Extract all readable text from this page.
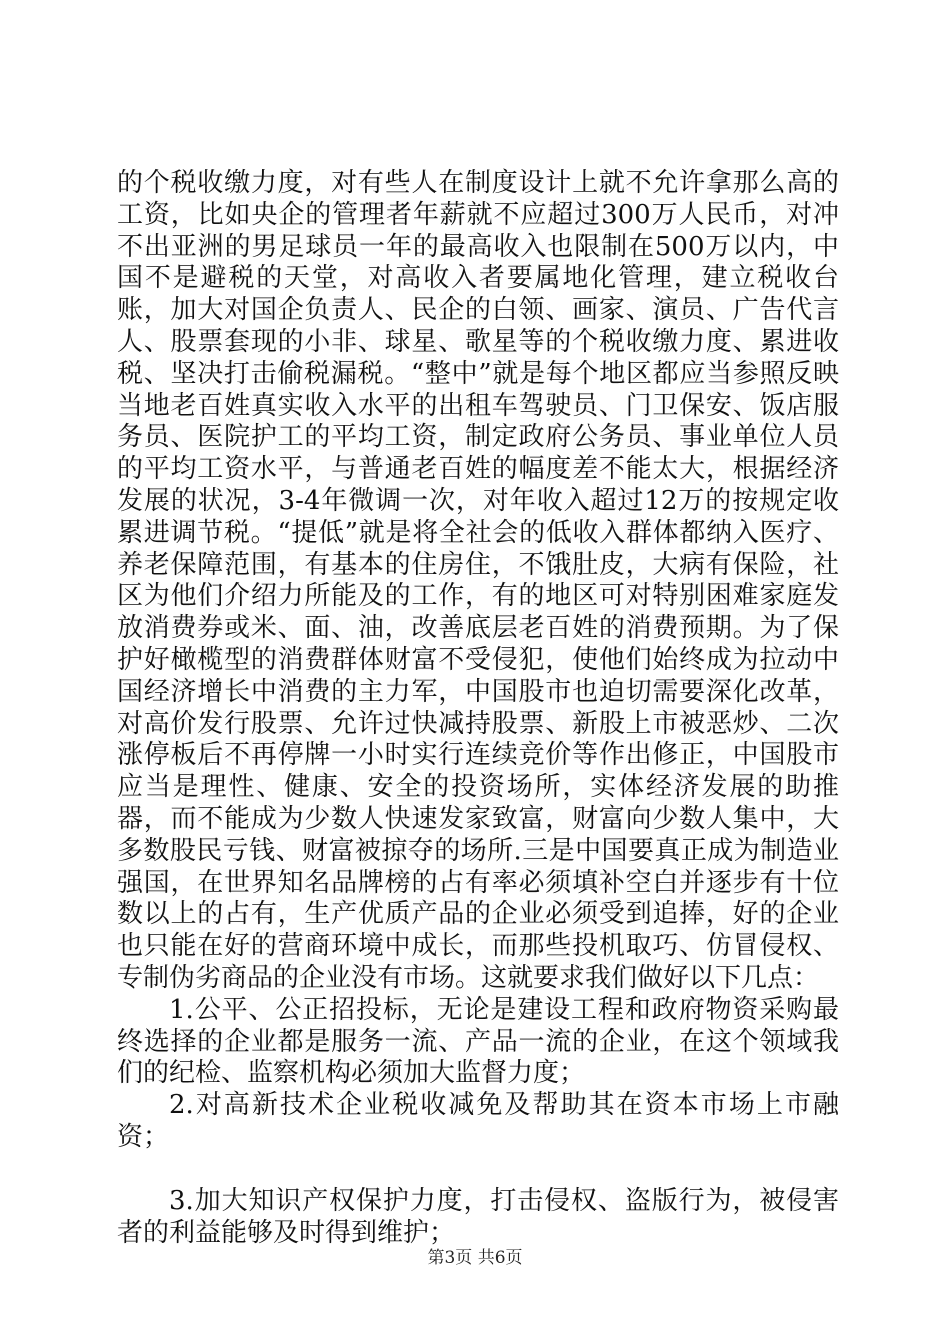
的个税收缴力度，对有些人在制度设计上就不允许拿那么高的工资，比如央企的管理者年薪就不应超过300万人民币，对冲不出亚洲的男足球员一年的最高收入也限制在500万以内，中国不是避税的天堂，对高收入者要属地化管理，建立税收台账，加大对国企负责人、民企的白领、画家、演员、广告代言人、股票套现的小非、球星、歌星等的个税收缴力度、累进收税、坚决打击偷税漏税。“整中”就是每个地区都应当参照反映当地老百姓真实收入水平的出租车驾驶员、门卫保安、饭店服务员、医院护工的平均工资，制定政府公务员、事业单位人员的平均工资水平，与普通老百姓的幅度差不能太大，根据经济发展的状况，3-4年微调一次，对年收入超过12万的按规定收累进调节税。“提低”就是将全社会的低收入群体都纳入医疗、养老保障范围，有基本的住房住，不饿肚皮，大病有保险，社区为他们介绍力所能及的工作，有的地区可对特别困难家庭发放消费券或米、面、油，改善底层老百姓的消费预期。为了保护好橄榄型的消费群体财富不受侵犯，使他们始终成为拉动中国经济增长中消费的主力军，中国股市也迫切需要深化改革，对高价发行股票、允许过快减持股票、新股上市被恶炒、二次涨停板后不再停牌一小时实行连续竞价等作出修正，中国股市应当是理性、健康、安全的投资场所，实体经济发展的助推器，而不能成为少数人快速发家致富，财富向少数人集中，大多数股民亏钱、财富被掠夺的场所.三是中国要真正成为制造业强国，在世界知名品牌榜的占有率必须填补空白并逐步有十位数以上的占有，生产优质产品的企业必须受到追捧，好的企业也只能在好的营商环境中成长，而那些投机取巧、仿冒侵权、专制伪劣商品的企业没有市场。这就要求我们做好以下几点：

1.公平、公正招投标，无论是建设工程和政府物资采购最终选择的企业都是服务一流、产品一流的企业，在这个领域我们的纪检、监察机构必须加大监督力度；

2.对高新技术企业税收减免及帮助其在资本市场上市融资；

3.加大知识产权保护力度，打击侵权、盗版行为，被侵害者的利益能够及时得到维护；

第3页 共6页
